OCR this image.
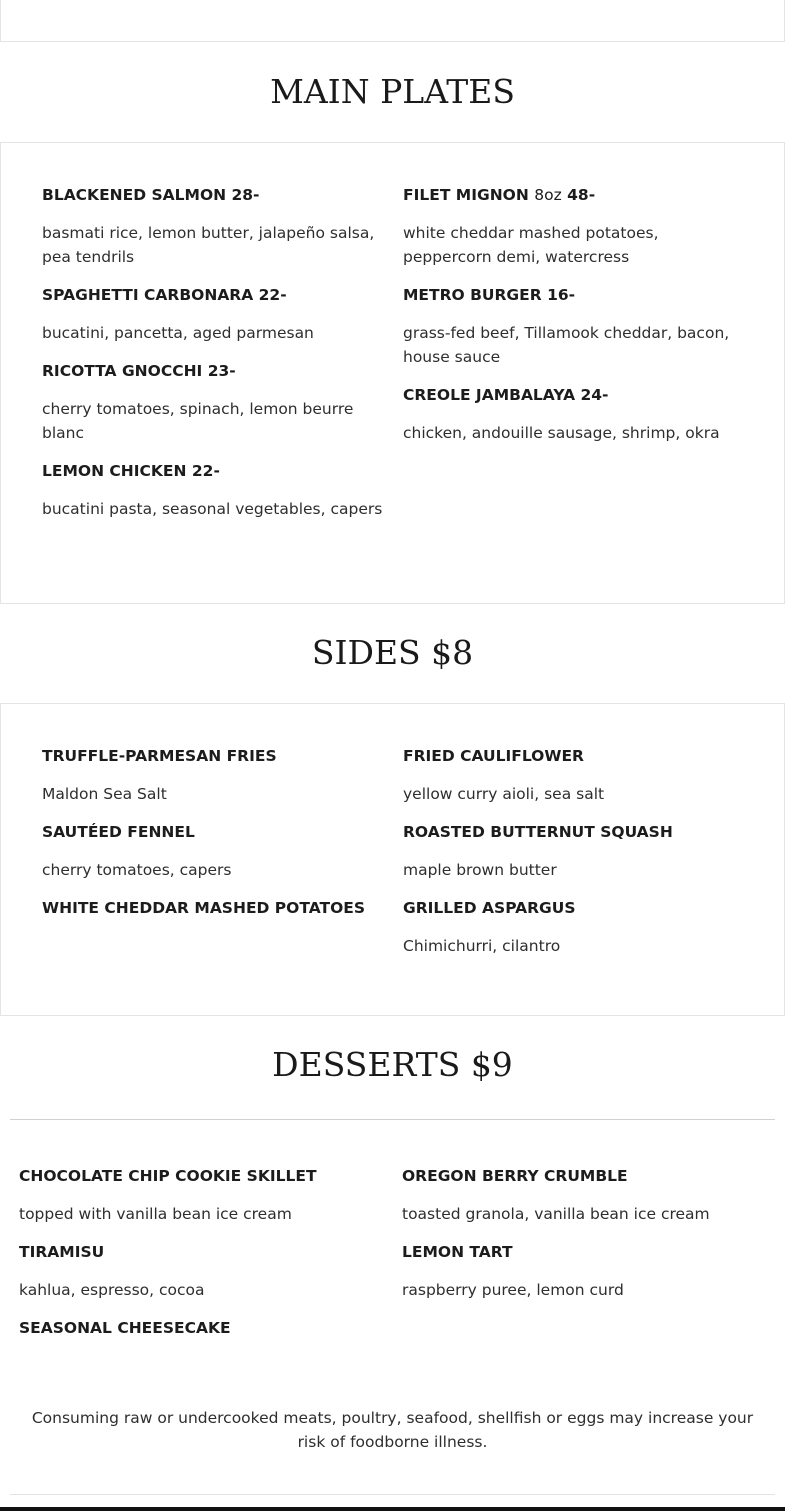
MAIN PLATES
BLACKENED SALMON 28-
basmati rice, lemon butter, jalapeño salsa, pea tendrils
SPAGHETTI CARBONARA 22-
bucatini, pancetta, aged parmesan
RICOTTA GNOCCHI 23-
cherry tomatoes, spinach, lemon beurre blanc
LEMON CHICKEN 22-
bucatini pasta, seasonal vegetables, capers
FILET MIGNON 8oz 48-
white cheddar mashed potatoes, peppercorn demi, watercress
METRO BURGER 16-
grass-fed beef, Tillamook cheddar, bacon, house sauce
CREOLE JAMBALAYA 24-
chicken, andouille sausage, shrimp, okra
SIDES $8
TRUFFLE-PARMESAN FRIES
Maldon Sea Salt
SAUTÉED FENNEL
cherry tomatoes, capers
WHITE CHEDDAR MASHED POTATOES
FRIED CAULIFLOWER
yellow curry aioli, sea salt
ROASTED BUTTERNUT SQUASH
maple brown butter
GRILLED ASPARGUS
Chimichurri, cilantro
DESSERTS $9
CHOCOLATE CHIP COOKIE SKILLET
topped with vanilla bean ice cream
TIRAMISU
kahlua, espresso, cocoa
SEASONAL CHEESECAKE
OREGON BERRY CRUMBLE
toasted granola, vanilla bean ice cream
LEMON TART
raspberry puree, lemon curd

Consuming raw or undercooked meats, poultry, seafood, shellfish or eggs may increase your risk of foodborne illness.
